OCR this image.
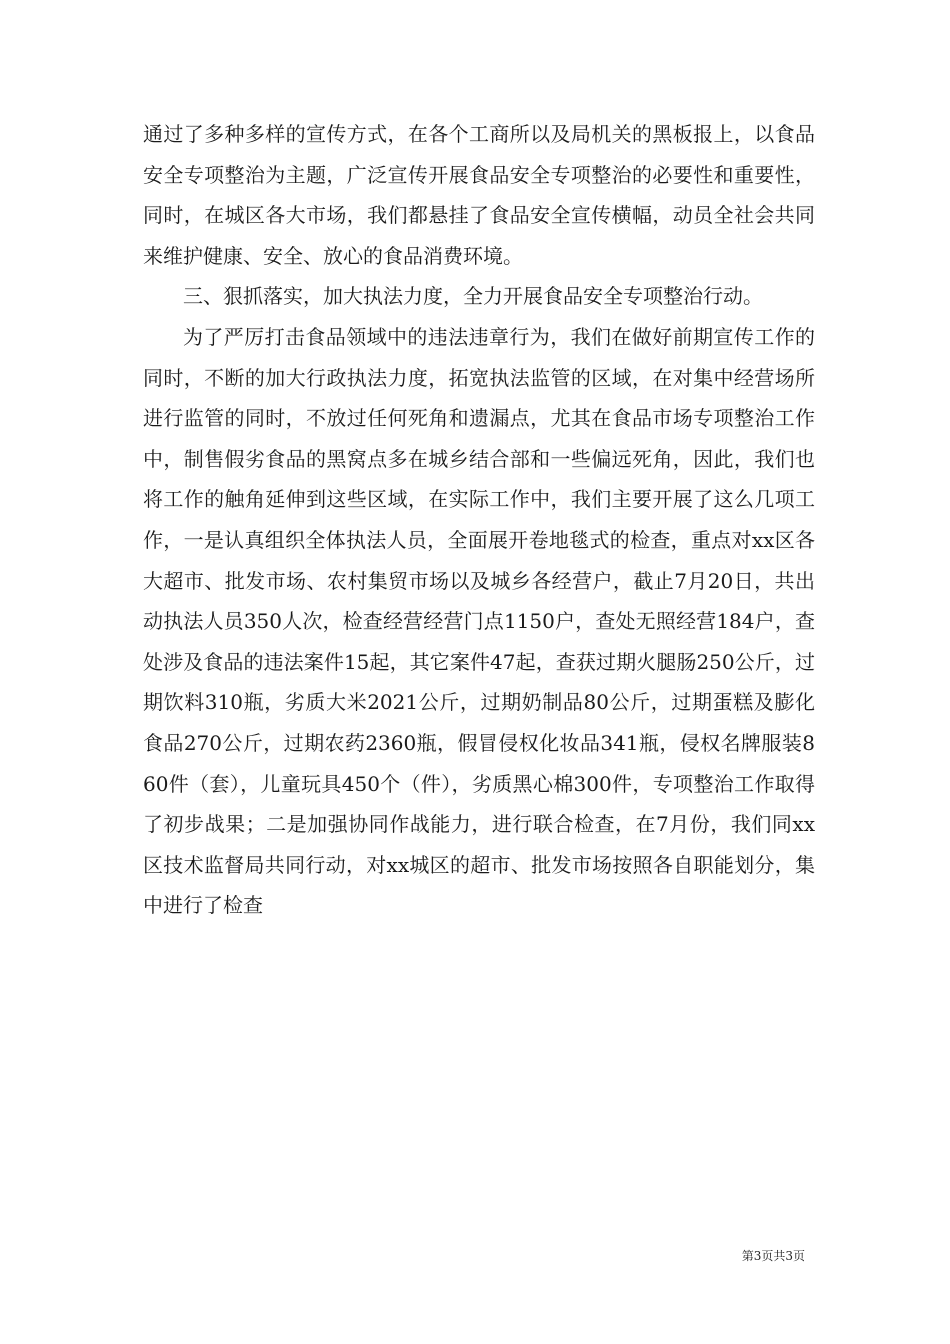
通过了多种多样的宣传方式，在各个工商所以及局机关的黑板报上，以食品安全专项整治为主题，广泛宣传开展食品安全专项整治的必要性和重要性，同时，在城区各大市场，我们都悬挂了食品安全宣传横幅，动员全社会共同来维护健康、安全、放心的食品消费环境。

三、狠抓落实，加大执法力度，全力开展食品安全专项整治行动。

为了严厉打击食品领域中的违法违章行为，我们在做好前期宣传工作的同时，不断的加大行政执法力度，拓宽执法监管的区域，在对集中经营场所进行监管的同时，不放过任何死角和遗漏点，尤其在食品市场专项整治工作中，制售假劣食品的黑窝点多在城乡结合部和一些偏远死角，因此，我们也将工作的触角延伸到这些区域，在实际工作中，我们主要开展了这么几项工作，一是认真组织全体执法人员，全面展开卷地毯式的检查，重点对xx区各大超市、批发市场、农村集贸市场以及城乡各经营户，截止7月20日，共出动执法人员350人次，检查经营经营门点1150户，查处无照经营184户，查处涉及食品的违法案件15起，其它案件47起，查获过期火腿肠250公斤，过期饮料310瓶，劣质大米2021公斤，过期奶制品80公斤，过期蛋糕及膨化食品270公斤，过期农药2360瓶，假冒侵权化妆品341瓶，侵权名牌服装860件（套），儿童玩具450个（件），劣质黑心棉300件，专项整治工作取得了初步战果；二是加强协同作战能力，进行联合检查，在7月份，我们同xx区技术监督局共同行动，对xx城区的超市、批发市场按照各自职能划分，集中进行了检查

第3页共3页
